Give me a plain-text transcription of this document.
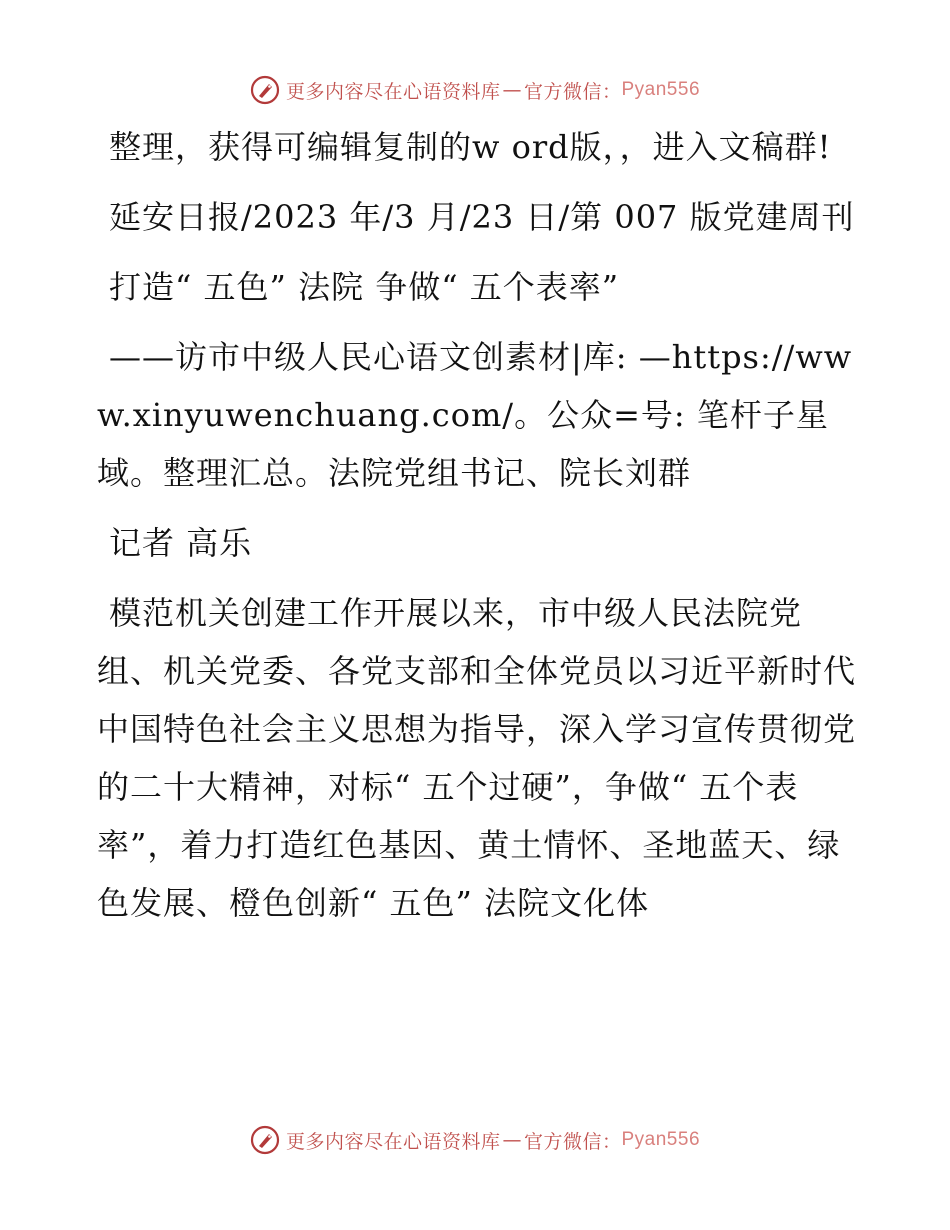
更多内容尽在心语资料库 — 官方微信： Pyan556

整理，获得可编辑复制的w ord版，，进入文稿群!

延安日报/2023 年/3 月/23 日/第 007 版党建周刊

打造“ 五色” 法院 争做“ 五个表率”

——访市中级人民心语文创素材|库: —https://www.xinyuwenchuang.com/。公众=号: 笔杆子星域。整理汇总。法院党组书记、院长刘群

记者 高乐

模范机关创建工作开展以来，市中级人民法院党组、机关党委、各党支部和全体党员以习近平新时代中国特色社会主义思想为指导，深入学习宣传贯彻党的二十大精神，对标“ 五个过硬”，争做“ 五个表率”，着力打造红色基因、黄土情怀、圣地蓝天、绿色发展、橙色创新“ 五色” 法院文化体

更多内容尽在心语资料库 — 官方微信： Pyan556
